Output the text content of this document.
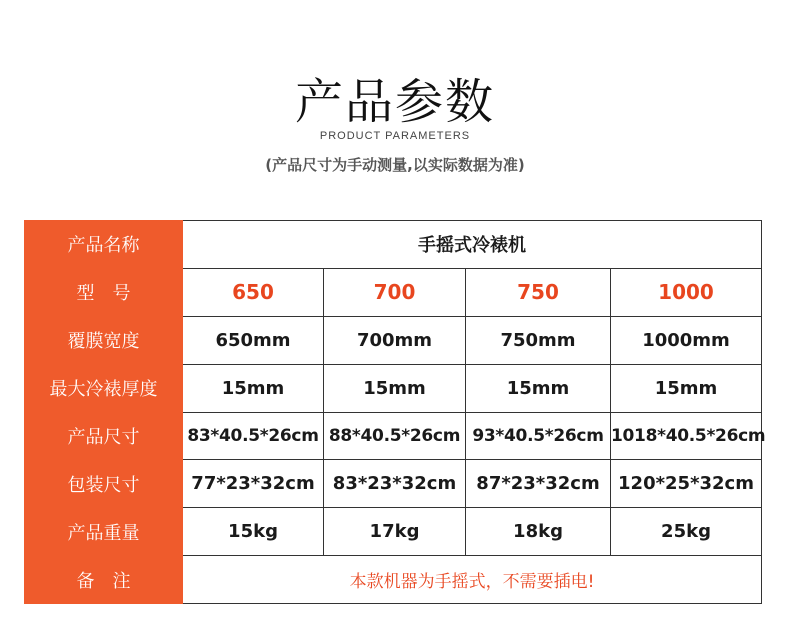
产品参数
PRODUCT PARAMETERS
(产品尺寸为手动测量,以实际数据为准)
产品名称	手摇式冷裱机			
型　号	650	700	750	1000
覆膜宽度	650mm	700mm	750mm	1000mm
最大冷裱厚度	15mm	15mm	15mm	15mm
产品尺寸	83*40.5*26cm	88*40.5*26cm	93*40.5*26cm	1018*40.5*26cm
包装尺寸	77*23*32cm	83*23*32cm	87*23*32cm	120*25*32cm
产品重量	15kg	17kg	18kg	25kg
备　注	本款机器为手摇式，不需要插电!			
